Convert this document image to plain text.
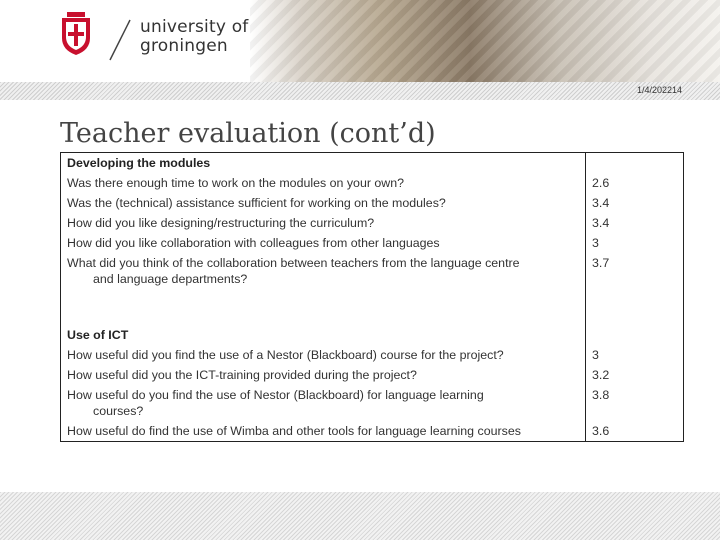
university of
groningen
1/4/202214
Teacher evaluation (cont’d)
Developing the modules	
Was there enough time to work on the modules on your own?	2.6
Was the (technical) assistance sufficient for working on the modules?	3.4
How did you like designing/restructuring the curriculum?	3.4
How did you like collaboration with colleagues from other languages	3
What did you think of the collaboration between teachers from the language centre
and language departments?	3.7

Use of ICT	
How useful did you find the use of a Nestor (Blackboard) course for the project?	3
How useful did you the ICT-training provided during the project?	3.2
How useful do you find the use of Nestor (Blackboard) for language learning
courses?	3.8
How useful do find the use of Wimba and other tools for language learning courses	3.6
